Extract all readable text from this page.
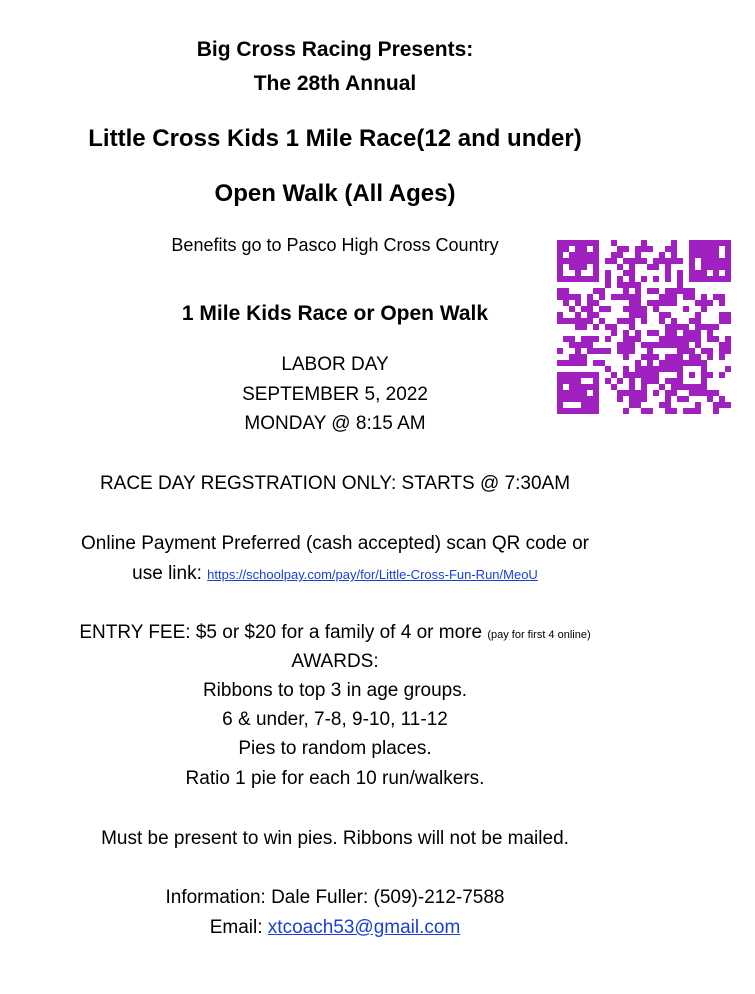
Big Cross Racing Presents:
The 28th Annual
Little Cross Kids 1 Mile Race(12 and under)
Open Walk (All Ages)
Benefits go to Pasco High Cross Country
1 Mile Kids Race or Open Walk
LABOR DAY
SEPTEMBER 5, 2022
MONDAY @ 8:15 AM
RACE DAY REGSTRATION ONLY: STARTS @ 7:30AM
Online Payment Preferred (cash accepted) scan QR code or
use link: https://schoolpay.com/pay/for/Little-Cross-Fun-Run/MeoU
ENTRY FEE: $5 or $20 for a family of 4 or more (pay for first 4 online)
AWARDS:
Ribbons to top 3 in age groups.
6 & under, 7-8, 9-10, 11-12
Pies to random places.
Ratio 1 pie for each 10 run/walkers.
Must be present to win pies. Ribbons will not be mailed.
Information: Dale Fuller: (509)-212-7588
Email: xtcoach53@gmail.com
